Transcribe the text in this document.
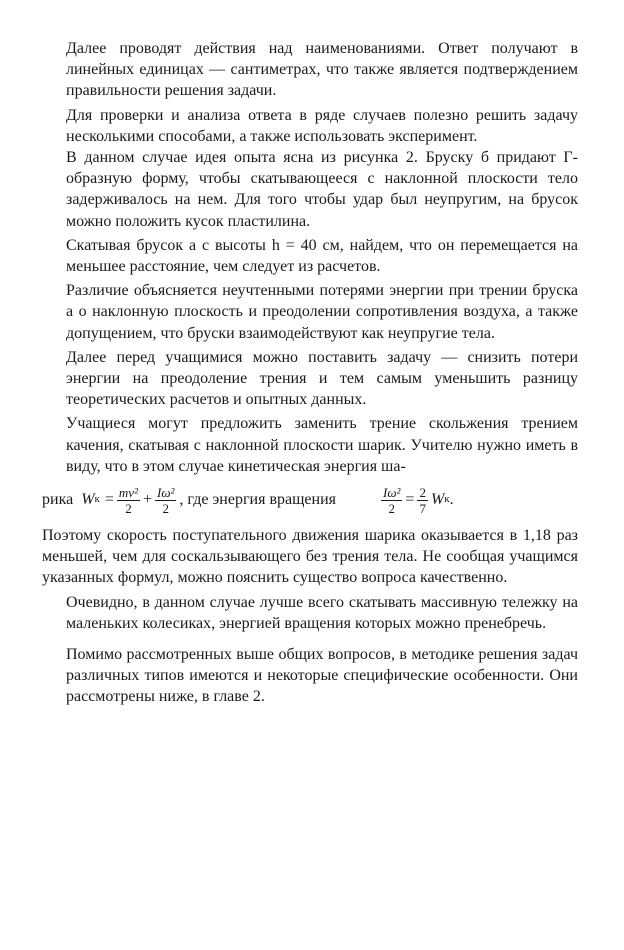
Далее проводят действия над наименованиями. Ответ получают в линейных единицах — сантиметрах, что также является подтверждением правильности решения задачи.

Для проверки и анализа ответа в ряде случаев полезно решить задачу несколькими способами, а также использовать эксперимент.

В данном случае идея опыта ясна из рисунка 2. Бруску б придают Г-образную форму, чтобы скатывающееся с наклонной плоскости тело задерживалось на нем. Для того чтобы удар был неупругим, на брусок можно положить кусок пластилина.

Скатывая брусок а с высоты h = 40 см, найдем, что он перемещается на меньшее расстояние, чем следует из расчетов.

Различие объясняется неучтенными потерями энергии при трении бруска а о наклонную плоскость и преодолении сопротивления воздуха, а также допущением, что бруски взаимодействуют как неупругие тела.

Далее перед учащимися можно поставить задачу — снизить потери энергии на преодоление трения и тем самым уменьшить разницу теоретических расчетов и опытных данных.

Учащиеся могут предложить заменить трение скольжения трением качения, скатывая с наклонной плоскости шарик. Учителю нужно иметь в виду, что в этом случае кинетическая энергия ша-

рика W $к = \frac{\text{mv²}}{2} + \frac{\text{Iω²}}{2}$ , где энергия вращения	$\frac{\text{Iω²}}{2} = \frac{2}{7}$ W к .

Поэтому скорость поступательного движения шарика оказывается в 1,18 раз меньшей, чем для соскальзывающего без трения тела. Не сообщая учащимся указанных формул, можно пояснить существо вопроса качественно.

Очевидно, в данном случае лучше всего скатывать массивную тележку на маленьких колесиках, энергией вращения которых можно пренебречь.

Помимо рассмотренных выше общих вопросов, в методике решения задач различных типов имеются и некоторые специфические особенности. Они рассмотрены ниже, в главе 2.
